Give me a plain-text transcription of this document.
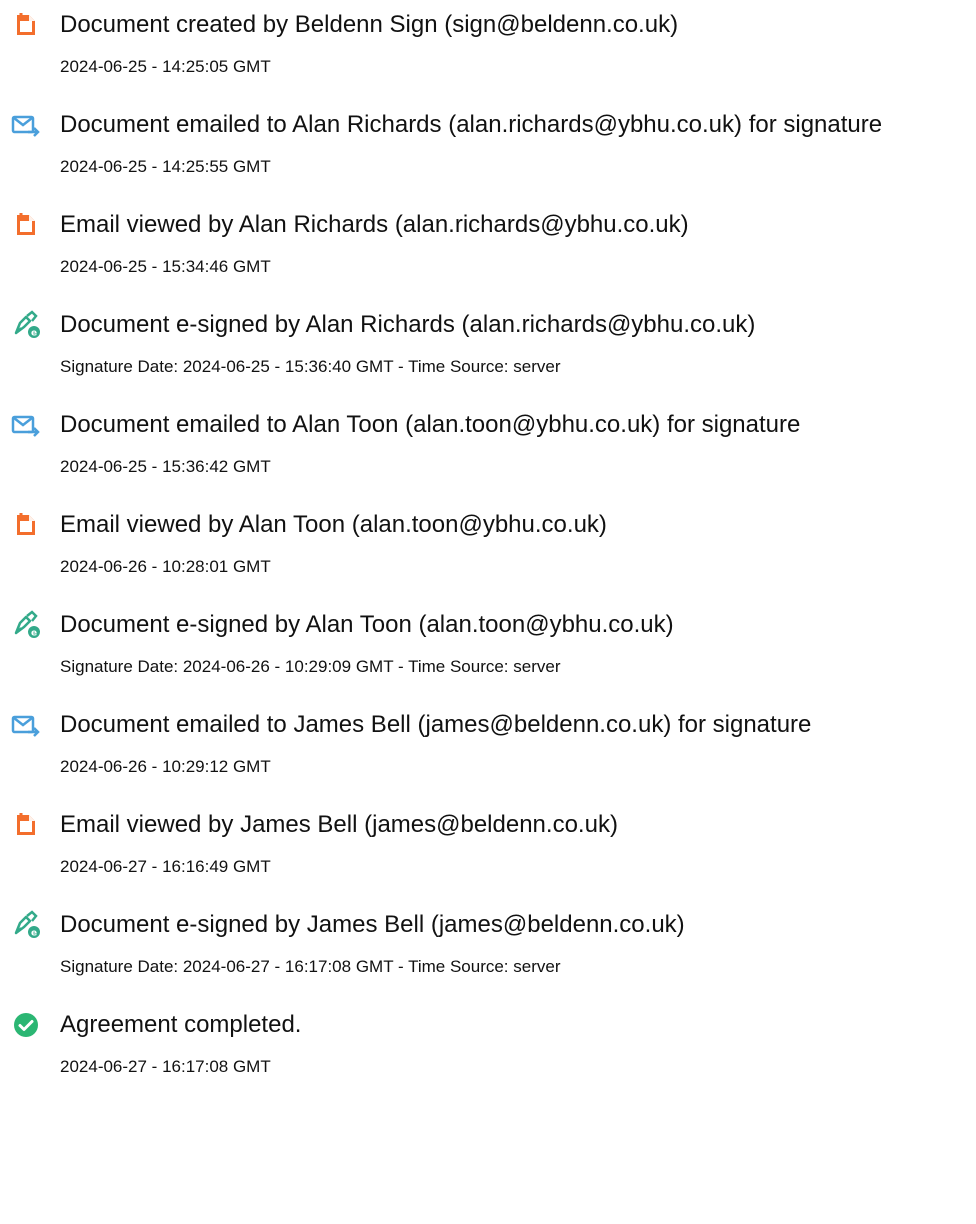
Document created by Beldenn Sign (sign@beldenn.co.uk)
2024-06-25 - 14:25:05 GMT
Document emailed to Alan Richards (alan.richards@ybhu.co.uk) for signature
2024-06-25 - 14:25:55 GMT
Email viewed by Alan Richards (alan.richards@ybhu.co.uk)
2024-06-25 - 15:34:46 GMT
e Document e-signed by Alan Richards (alan.richards@ybhu.co.uk)
Signature Date: 2024-06-25 - 15:36:40 GMT - Time Source: server
Document emailed to Alan Toon (alan.toon@ybhu.co.uk) for signature
2024-06-25 - 15:36:42 GMT
Email viewed by Alan Toon (alan.toon@ybhu.co.uk)
2024-06-26 - 10:28:01 GMT
e Document e-signed by Alan Toon (alan.toon@ybhu.co.uk)
Signature Date: 2024-06-26 - 10:29:09 GMT - Time Source: server
Document emailed to James Bell (james@beldenn.co.uk) for signature
2024-06-26 - 10:29:12 GMT
Email viewed by James Bell (james@beldenn.co.uk)
2024-06-27 - 16:16:49 GMT
e Document e-signed by James Bell (james@beldenn.co.uk)
Signature Date: 2024-06-27 - 16:17:08 GMT - Time Source: server
Agreement completed.
2024-06-27 - 16:17:08 GMT
